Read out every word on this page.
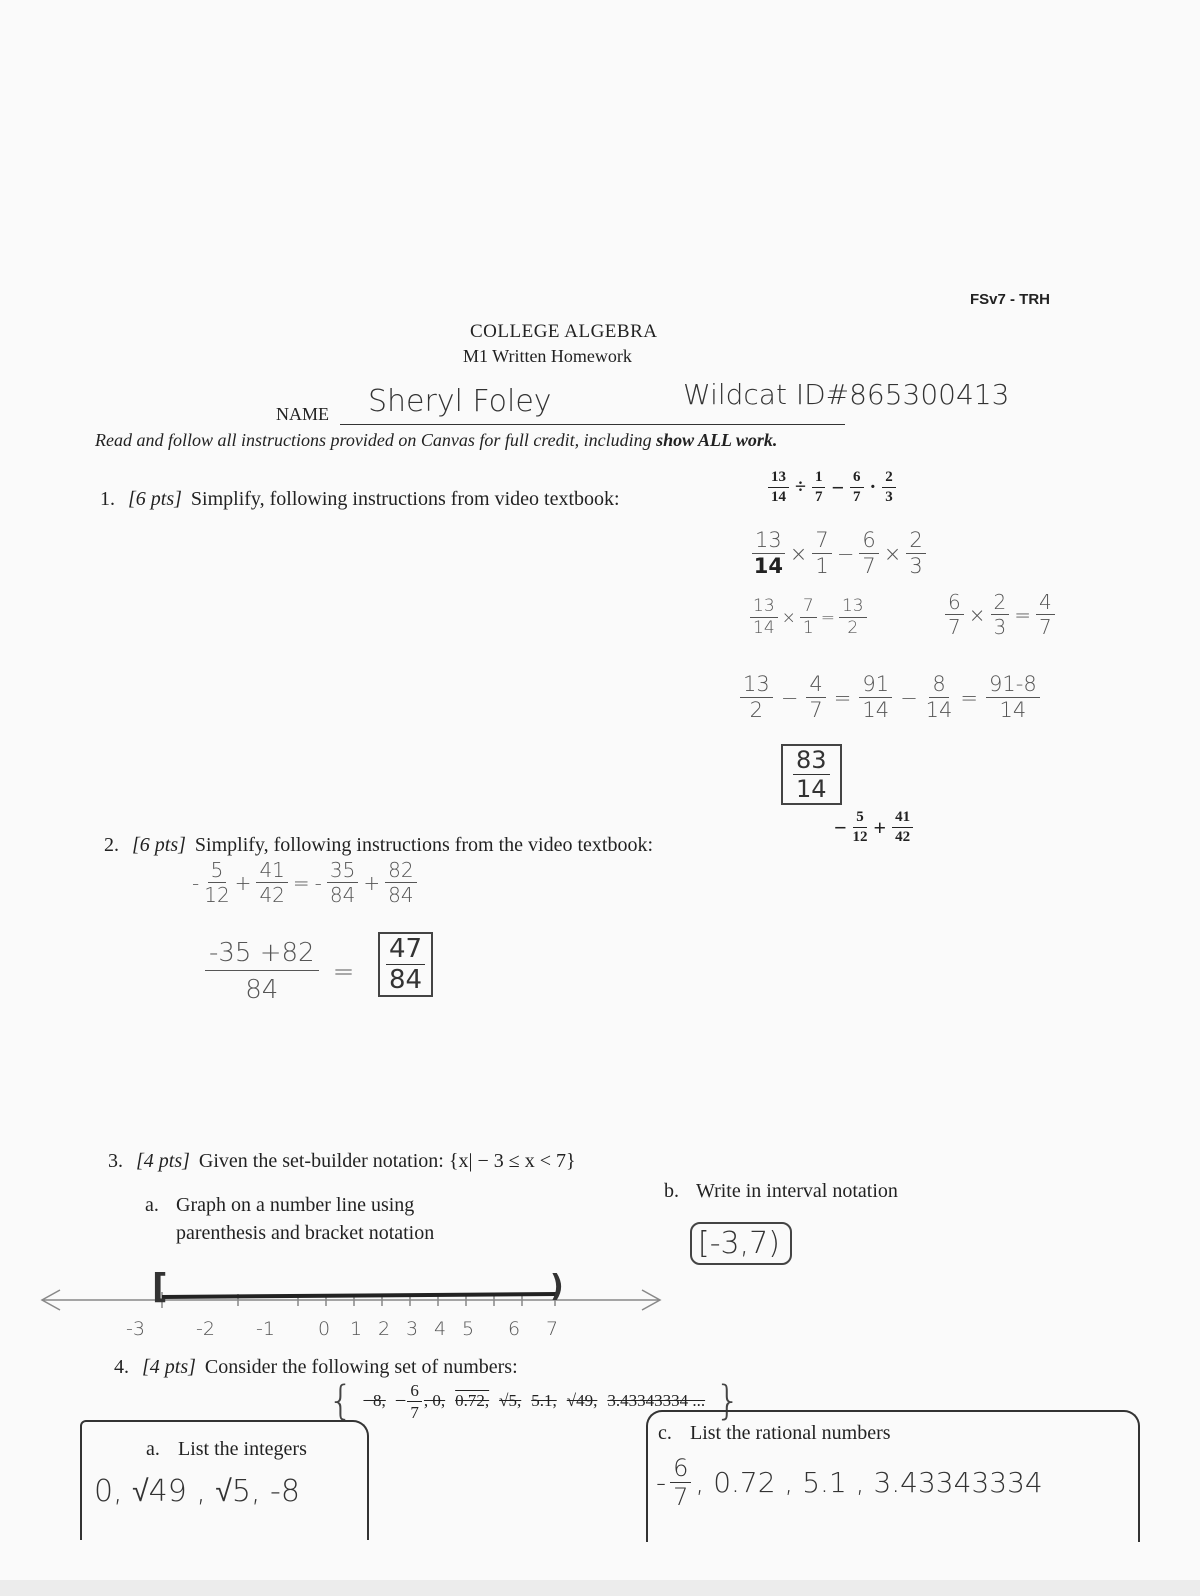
FSv7 - TRH
COLLEGE ALGEBRA
M1 Written Homework
NAME Sheryl Foley	Wildcat ID#865300413
Read and follow all instructions provided on Canvas for full credit, including show ALL work.
1. [6 pts] Simplify, following instructions from video textbook:	$\frac{13}{14} \div \frac{1}{7} - \frac{6}{7} \cdot \frac{2}{3}$
$\frac{13}{14} \times \frac{7}{1} - \frac{6}{7} \times \frac{2}{3}$
$\frac{13}{14} \times \frac{7}{1} = \frac{13}{2}$	$\frac{6}{7} \times \frac{2}{3} = \frac{4}{7}$
$\frac{13}{2} - \frac{4}{7} = \frac{91}{14} - \frac{8}{14} = \frac{91-8}{14}$
$\frac{83}{14}$
2. [6 pts] Simplify, following instructions from the video textbook:
− $\frac{5}{12} + \frac{41}{42}$
- $\frac{5}{12} + \frac{41}{42}$ = - $\frac{35}{84} + \frac{82}{84}$
$\frac{-35 +82}{84} = \frac{47}{84}$
3. [4 pts] Given the set-builder notation: {x| − 3 ≤ x < 7}
a. Graph on a number line using
parenthesis and bracket notation
b. Write in interval notation
[-3,7)
[	)
-3	-2 -1 0 1 2 3 4 5 6 7
4. [4 pts] Consider the following set of numbers:
{ −8, − $\frac{6}{7}$ , 0, 0.72, √5, 5.1, √49, 3.43343334 ... }
a. List the integers
0, √49 , √5, -8
c. List the rational numbers
- $\frac{6}{7}$ , 0.72 , 5.1 , 3.43343334
